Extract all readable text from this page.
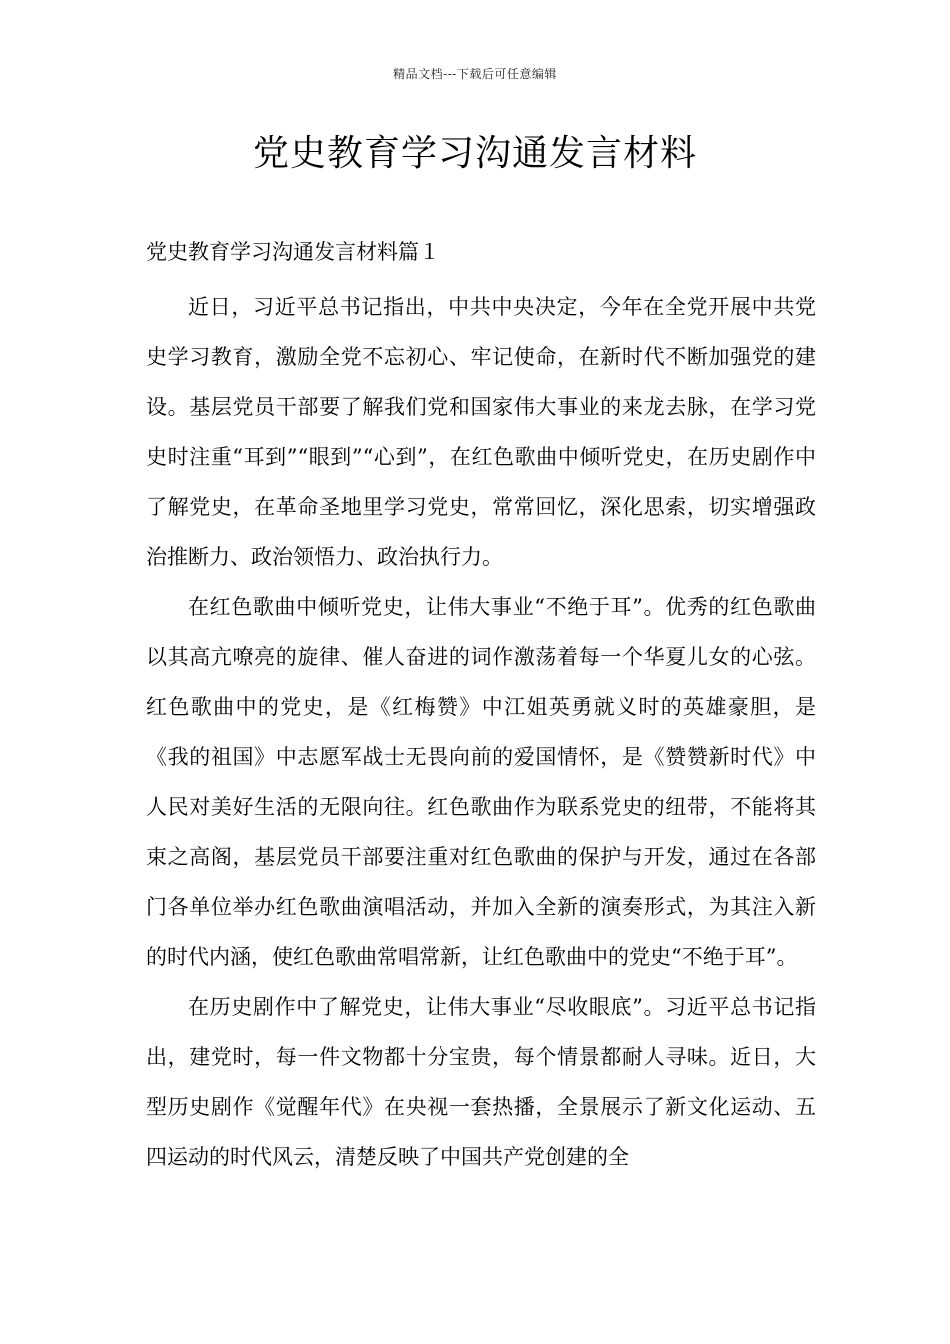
精品文档---下载后可任意编辑
党史教育学习沟通发言材料
党史教育学习沟通发言材料篇１

近日，习近平总书记指出，中共中央决定，今年在全党开展中共党史学习教育，激励全党不忘初心、牢记使命，在新时代不断加强党的建设。基层党员干部要了解我们党和国家伟大事业的来龙去脉，在学习党史时注重“耳到”“眼到”“心到”，在红色歌曲中倾听党史，在历史剧作中了解党史，在革命圣地里学习党史，常常回忆，深化思索，切实增强政治推断力、政治领悟力、政治执行力。

在红色歌曲中倾听党史，让伟大事业“不绝于耳”。优秀的红色歌曲以其高亢嘹亮的旋律、催人奋进的词作激荡着每一个华夏儿女的心弦。红色歌曲中的党史，是《红梅赞》中江姐英勇就义时的英雄豪胆，是《我的祖国》中志愿军战士无畏向前的爱国情怀，是《赞赞新时代》中人民对美好生活的无限向往。红色歌曲作为联系党史的纽带，不能将其束之高阁，基层党员干部要注重对红色歌曲的保护与开发，通过在各部门各单位举办红色歌曲演唱活动，并加入全新的演奏形式，为其注入新的时代内涵，使红色歌曲常唱常新，让红色歌曲中的党史“不绝于耳”。

在历史剧作中了解党史，让伟大事业“尽收眼底”。习近平总书记指出，建党时，每一件文物都十分宝贵，每个情景都耐人寻味。近日，大型历史剧作《觉醒年代》在央视一套热播，全景展示了新文化运动、五四运动的时代风云，清楚反映了中国共产党创建的全
